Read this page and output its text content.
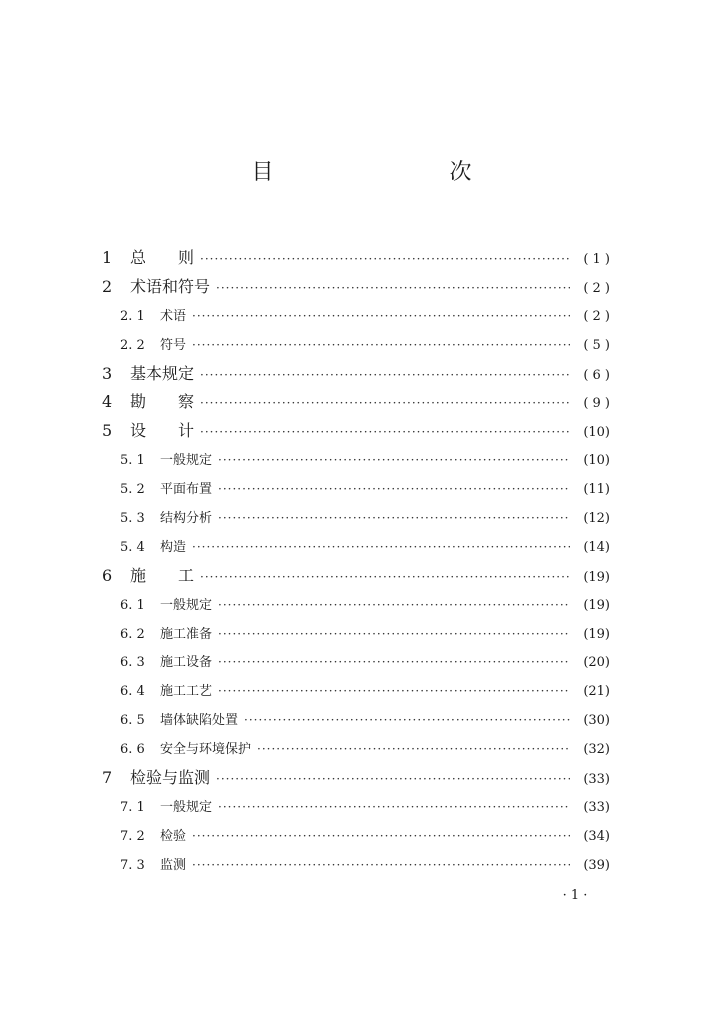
目　　次
1	总　　则 ·····	( 1 )
2	术语和符号 ·····	( 2 )
2. 1	术语 ·····	( 2 )
2. 2	符号 ·····	( 5 )
3	基本规定 ·····	( 6 )
4	勘　　察 ·····	( 9 )
5	设　　计 ·····	(10)
5. 1	一般规定 ·····	(10)
5. 2	平面布置 ·····	(11)
5. 3	结构分析 ·····	(12)
5. 4	构造 ·····	(14)
6	施　　工 ·····	(19)
6. 1	一般规定 ·····	(19)
6. 2	施工准备 ·····	(19)
6. 3	施工设备 ·····	(20)
6. 4	施工工艺 ·····	(21)
6. 5	墙体缺陷处置 ·····	(30)
6. 6	安全与环境保护 ·····	(32)
7	检验与监测 ·····	(33)
7. 1	一般规定 ·····	(33)
7. 2	检验 ·····	(34)
7. 3	监测 ·····	(39)
· 1 ·
